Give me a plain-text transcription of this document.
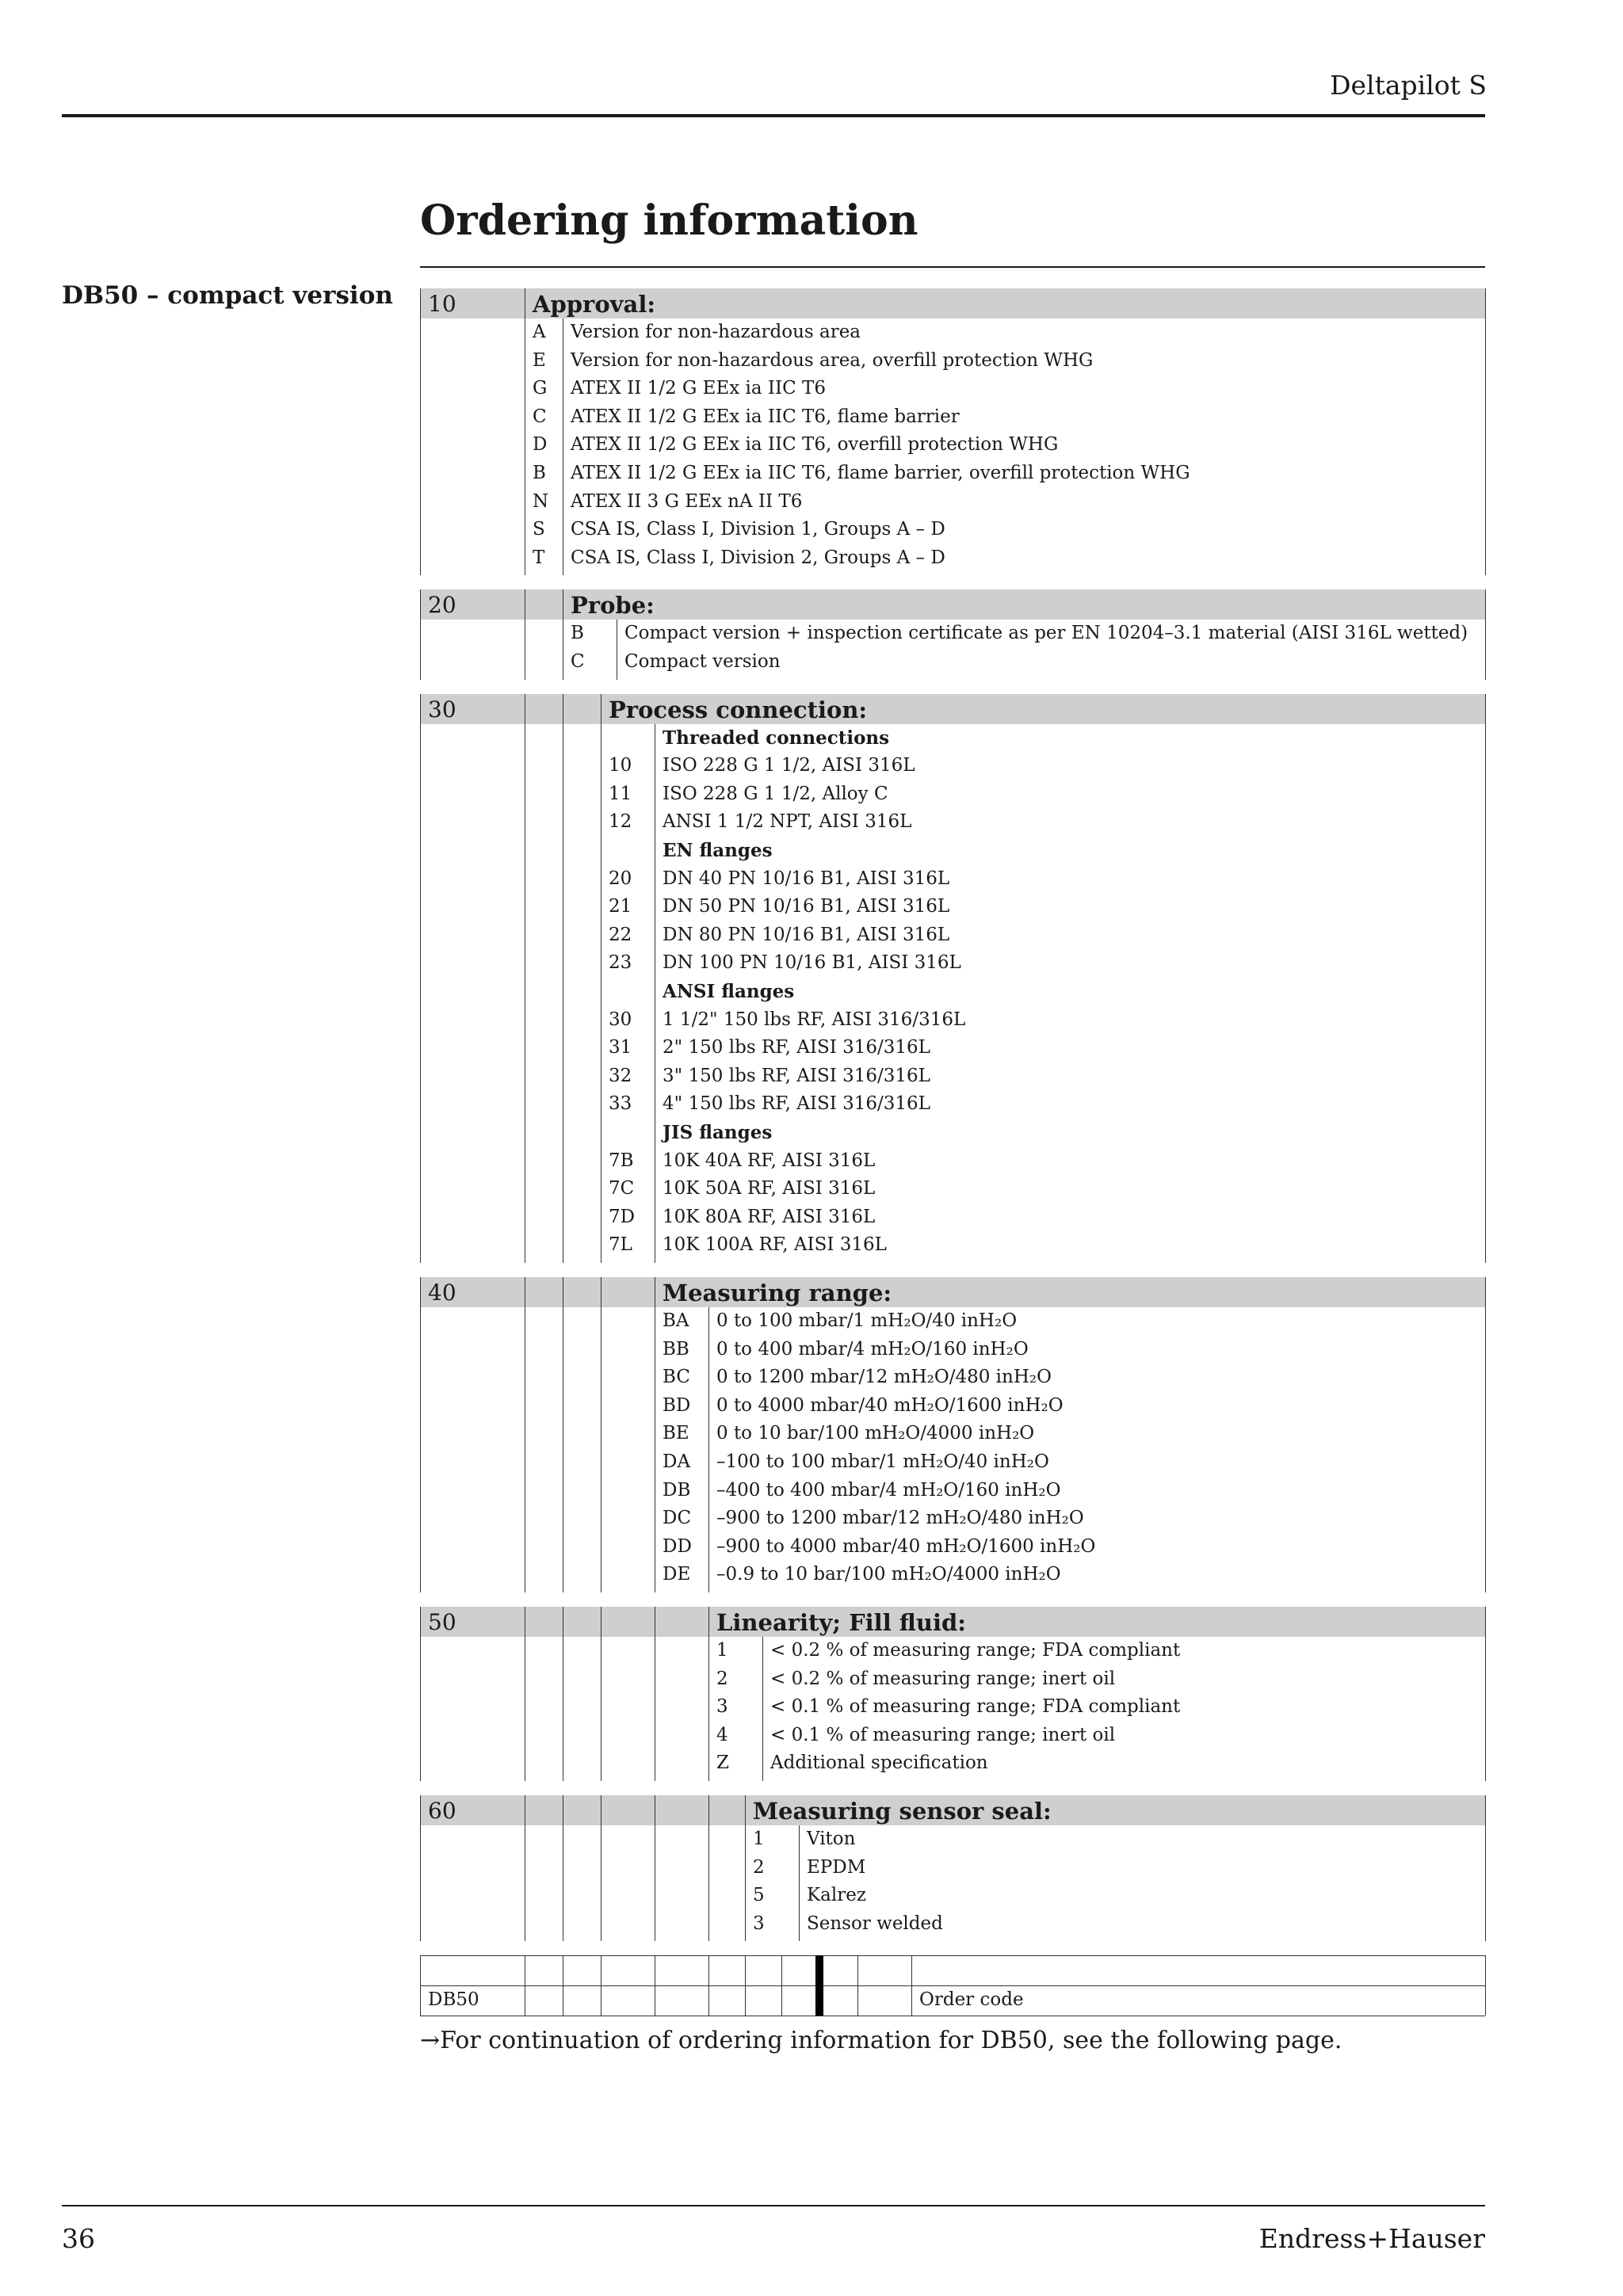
Deltapilot S
Ordering information
DB50 – compact version 10	Approval:
A Version for non-hazardous area
E Version for non-hazardous area, overfill protection WHG
G ATEX II 1/2 G EEx ia IIC T6
C ATEX II 1/2 G EEx ia IIC T6, flame barrier
D ATEX II 1/2 G EEx ia IIC T6, overfill protection WHG
B ATEX II 1/2 G EEx ia IIC T6, flame barrier, overfill protection WHG
N ATEX II 3 G EEx nA II T6
S CSA IS, Class I, Division 1, Groups A – D
T CSA IS, Class I, Division 2, Groups A – D
20	Probe:
B Compact version + inspection certificate as per EN 10204–3.1 material (AISI 316L wetted)
C Compact version
30	Process connection:
Threaded connections
10 ISO 228 G 1 1/2, AISI 316L
11 ISO 228 G 1 1/2, Alloy C
12 ANSI 1 1/2 NPT, AISI 316L
EN flanges
20 DN 40 PN 10/16 B1, AISI 316L
21 DN 50 PN 10/16 B1, AISI 316L
22 DN 80 PN 10/16 B1, AISI 316L
23 DN 100 PN 10/16 B1, AISI 316L
ANSI flanges
30 1 1/2" 150 lbs RF, AISI 316/316L
31 2" 150 lbs RF, AISI 316/316L
32 3" 150 lbs RF, AISI 316/316L
33 4" 150 lbs RF, AISI 316/316L
JIS flanges
7B 10K 40A RF, AISI 316L
7C 10K 50A RF, AISI 316L
7D 10K 80A RF, AISI 316L
7L 10K 100A RF, AISI 316L
40	Measuring range:
BA 0 to 100 mbar/1 mH₂O/40 inH₂O
BB 0 to 400 mbar/4 mH₂O/160 inH₂O
BC 0 to 1200 mbar/12 mH₂O/480 inH₂O
BD 0 to 4000 mbar/40 mH₂O/1600 inH₂O
BE 0 to 10 bar/100 mH₂O/4000 inH₂O
DA –100 to 100 mbar/1 mH₂O/40 inH₂O
DB –400 to 400 mbar/4 mH₂O/160 inH₂O
DC –900 to 1200 mbar/12 mH₂O/480 inH₂O
DD –900 to 4000 mbar/40 mH₂O/1600 inH₂O
DE –0.9 to 10 bar/100 mH₂O/4000 inH₂O
50	Linearity; Fill fluid:
1 < 0.2 % of measuring range; FDA compliant
2 < 0.2 % of measuring range; inert oil
3 < 0.1 % of measuring range; FDA compliant
4 < 0.1 % of measuring range; inert oil
Z Additional specification
60	Measuring sensor seal:
1 Viton
2 EPDM
5 Kalrez
3 Sensor welded
DB50	Order code
→For continuation of ordering information for DB50, see the following page.
36	Endress+Hauser
